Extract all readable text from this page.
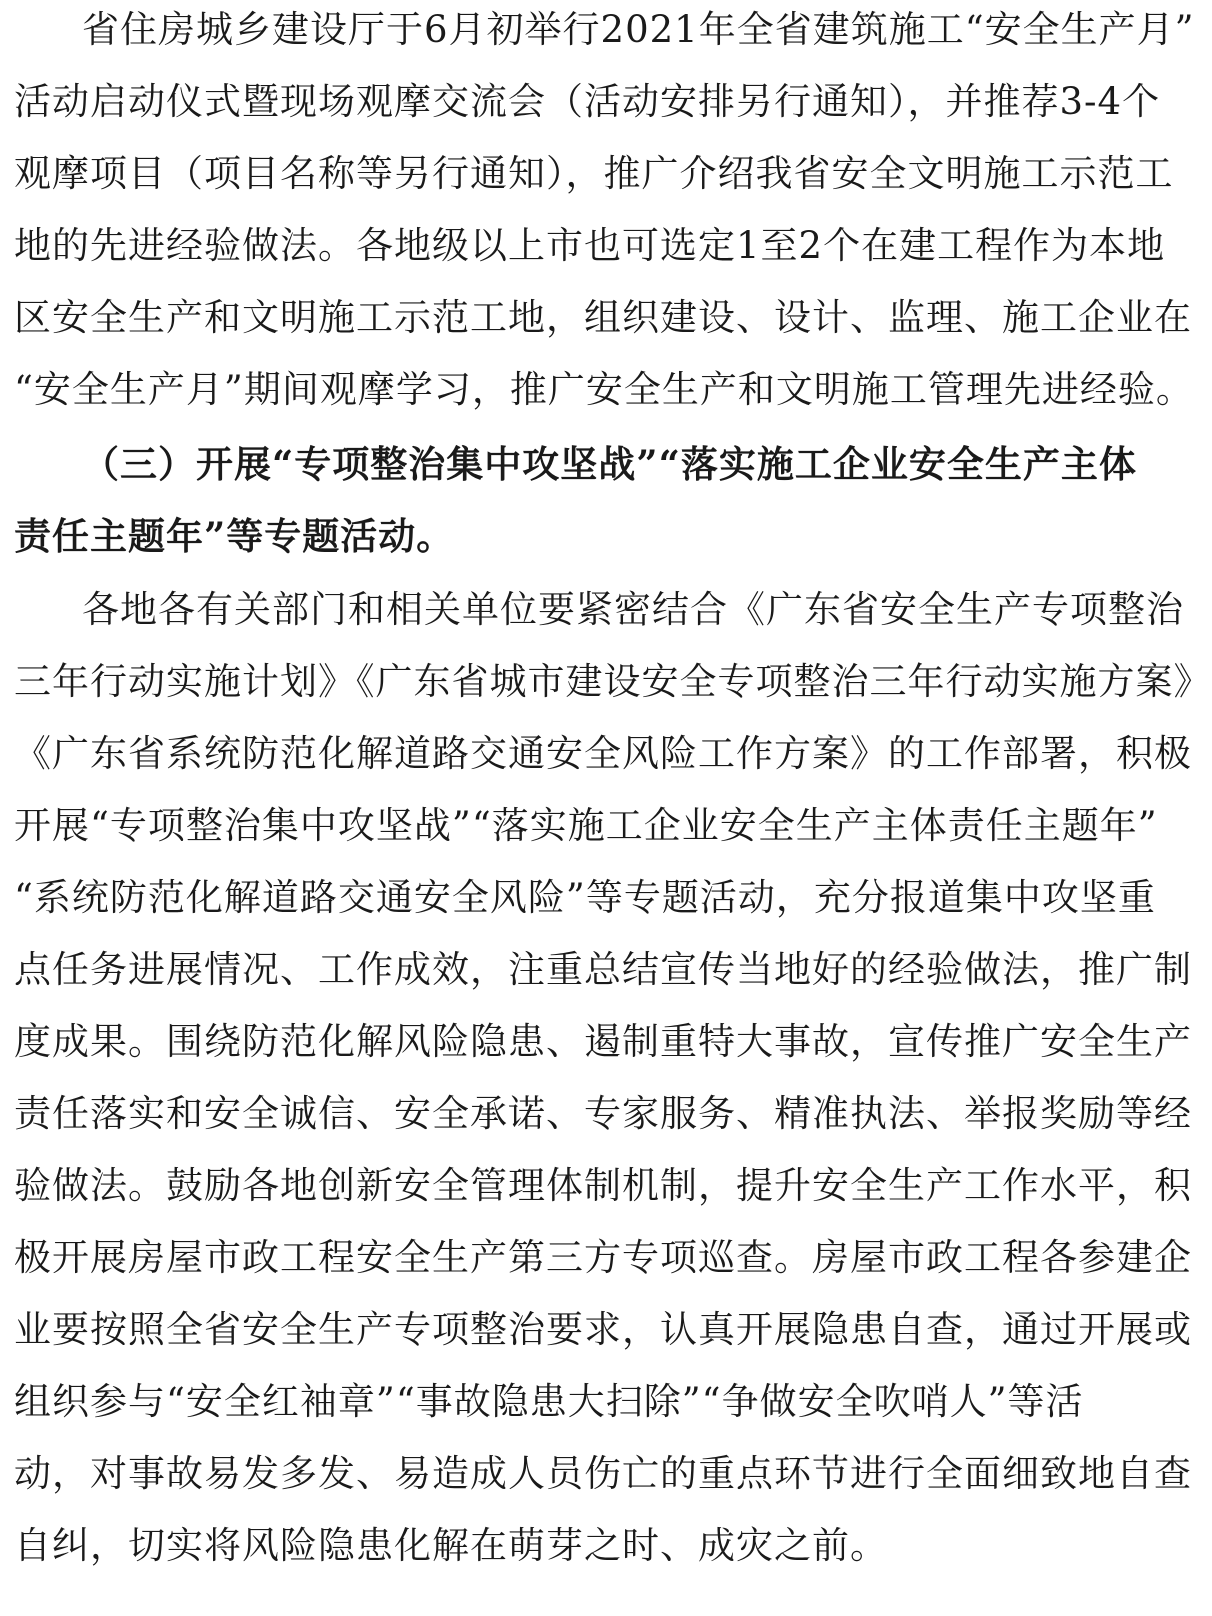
省住房城乡建设厅于6月初举行2021年全省建筑施工“安全生产月”
活动启动仪式暨现场观摩交流会（活动安排另行通知），并推荐3-4个
观摩项目（项目名称等另行通知），推广介绍我省安全文明施工示范工
地的先进经验做法。各地级以上市也可选定1至2个在建工程作为本地
区安全生产和文明施工示范工地，组织建设、设计、监理、施工企业在
“安全生产月”期间观摩学习，推广安全生产和文明施工管理先进经验。
（三）开展“专项整治集中攻坚战”“落实施工企业安全生产主体
责任主题年”等专题活动。
各地各有关部门和相关单位要紧密结合《广东省安全生产专项整治
三年行动实施计划》《广东省城市建设安全专项整治三年行动实施方案》
《广东省系统防范化解道路交通安全风险工作方案》的工作部署，积极
开展“专项整治集中攻坚战”“落实施工企业安全生产主体责任主题年”
“系统防范化解道路交通安全风险”等专题活动，充分报道集中攻坚重
点任务进展情况、工作成效，注重总结宣传当地好的经验做法，推广制
度成果。围绕防范化解风险隐患、遏制重特大事故，宣传推广安全生产
责任落实和安全诚信、安全承诺、专家服务、精准执法、举报奖励等经
验做法。鼓励各地创新安全管理体制机制，提升安全生产工作水平，积
极开展房屋市政工程安全生产第三方专项巡查。房屋市政工程各参建企
业要按照全省安全生产专项整治要求，认真开展隐患自查，通过开展或
组织参与“安全红袖章”“事故隐患大扫除”“争做安全吹哨人”等活
动，对事故易发多发、易造成人员伤亡的重点环节进行全面细致地自查
自纠，切实将风险隐患化解在萌芽之时、成灾之前。
